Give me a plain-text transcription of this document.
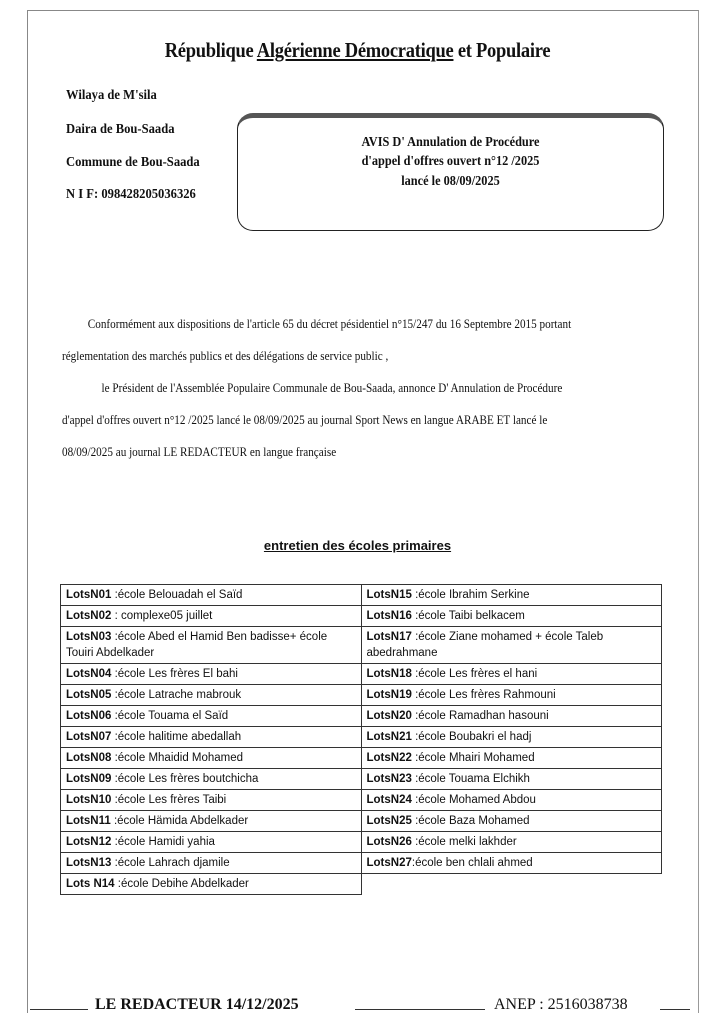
République Algérienne Démocratique et Populaire
Wilaya de M'sila
Daira de Bou-Saada
Commune de Bou-Saada
N I F: 098428205036326
AVIS D' Annulation de Procédure
d'appel d'offres ouvert n°12 /2025
lancé le 08/09/2025
Conformément aux dispositions de l'article 65 du décret pésidentiel n°15/247 du 16 Septembre 2015 portant
réglementation des marchés publics et des délégations de service public ,
le Président de l'Assemblée Populaire Communale de Bou-Saada, annonce D' Annulation de Procédure
d'appel d'offres ouvert n°12 /2025 lancé le 08/09/2025 au journal Sport News en langue ARABE ET lancé le
08/09/2025 au journal LE REDACTEUR en langue française
entretien des écoles primaires
LotsN01 :école Belouadah el Saïd	LotsN15 :école Ibrahim Serkine
LotsN02 : complexe05 juillet	LotsN16 :école Taibi belkacem
LotsN03 :école Abed el Hamid Ben badisse+ école Touiri Abdelkader	LotsN17 :école Ziane mohamed + école Taleb abedrahmane
LotsN04 :école Les frères El bahi	LotsN18 :école Les frères el hani
LotsN05 :école Latrache mabrouk	LotsN19 :école Les frères Rahmouni
LotsN06 :école Touama el Saïd	LotsN20 :école Ramadhan hasouni
LotsN07 :école halitime abedallah	LotsN21 :école Boubakri el hadj
LotsN08 :école Mhaidid Mohamed	LotsN22 :école Mhairi Mohamed
LotsN09 :école Les frères boutchicha	LotsN23 :école Touama Elchikh
LotsN10 :école Les frères Taibi	LotsN24 :école Mohamed Abdou
LotsN11 :école Hämida Abdelkader	LotsN25 :école Baza Mohamed
LotsN12 :école Hamidi yahia	LotsN26 :école melki lakhder
LotsN13 :école Lahrach djamile	LotsN27:école ben chlali ahmed
Lots N14 :école Debihe Abdelkader	
LE REDACTEUR 14/12/2025	ANEP : 2516038738
